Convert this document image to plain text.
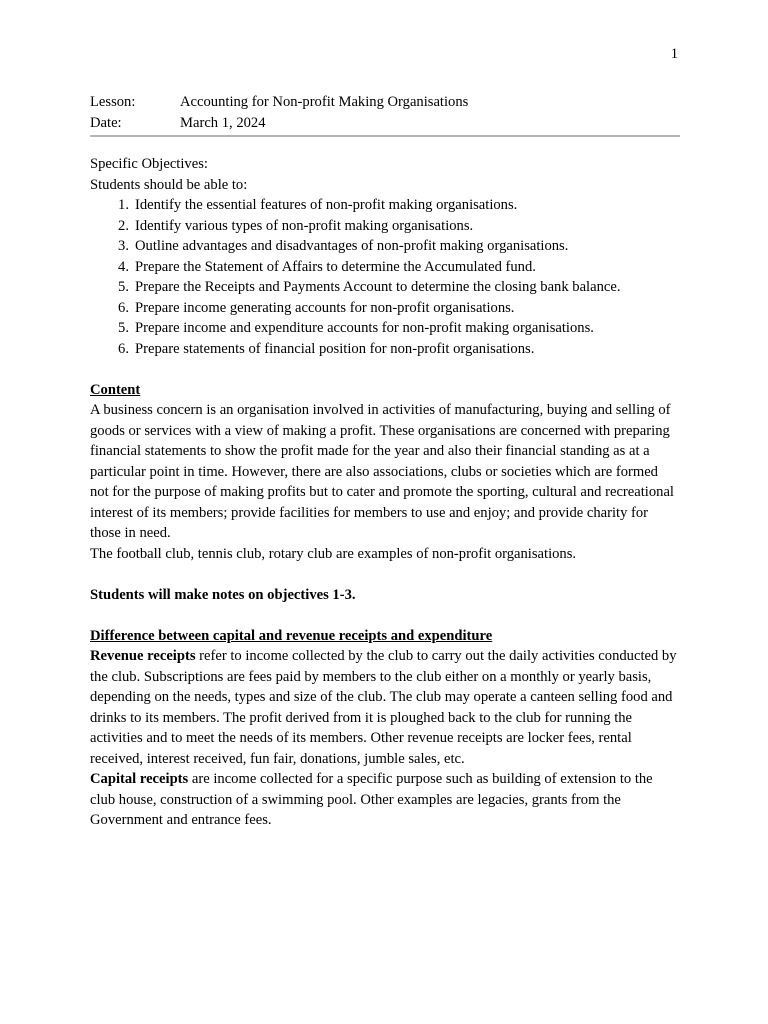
1
Lesson:	Accounting for Non-profit Making Organisations
Date:	March 1, 2024

Specific Objectives:

Students should be able to:

1. Identify the essential features of non-profit making organisations.
2. Identify various types of non-profit making organisations.
3. Outline advantages and disadvantages of non-profit making organisations.
4. Prepare the Statement of Affairs to determine the Accumulated fund.
5. Prepare the Receipts and Payments Account to determine the closing bank balance.
6. Prepare income generating accounts for non-profit organisations.
5. Prepare income and expenditure accounts for non-profit making organisations.
6. Prepare statements of financial position for non-profit organisations.

Content

A business concern is an organisation involved in activities of manufacturing, buying and selling of goods or services with a view of making a profit. These organisations are concerned with preparing financial statements to show the profit made for the year and also their financial standing as at a particular point in time. However, there are also associations, clubs or societies which are formed not for the purpose of making profits but to cater and promote the sporting, cultural and recreational interest of its members; provide facilities for members to use and enjoy; and provide charity for those in need.

The football club, tennis club, rotary club are examples of non-profit organisations.

Students will make notes on objectives 1-3.

Difference between capital and revenue receipts and expenditure

Revenue receipts refer to income collected by the club to carry out the daily activities conducted by the club. Subscriptions are fees paid by members to the club either on a monthly or yearly basis, depending on the needs, types and size of the club. The club may operate a canteen selling food and drinks to its members. The profit derived from it is ploughed back to the club for running the activities and to meet the needs of its members. Other revenue receipts are locker fees, rental received, interest received, fun fair, donations, jumble sales, etc.

Capital receipts are income collected for a specific purpose such as building of extension to the club house, construction of a swimming pool. Other examples are legacies, grants from the Government and entrance fees.
